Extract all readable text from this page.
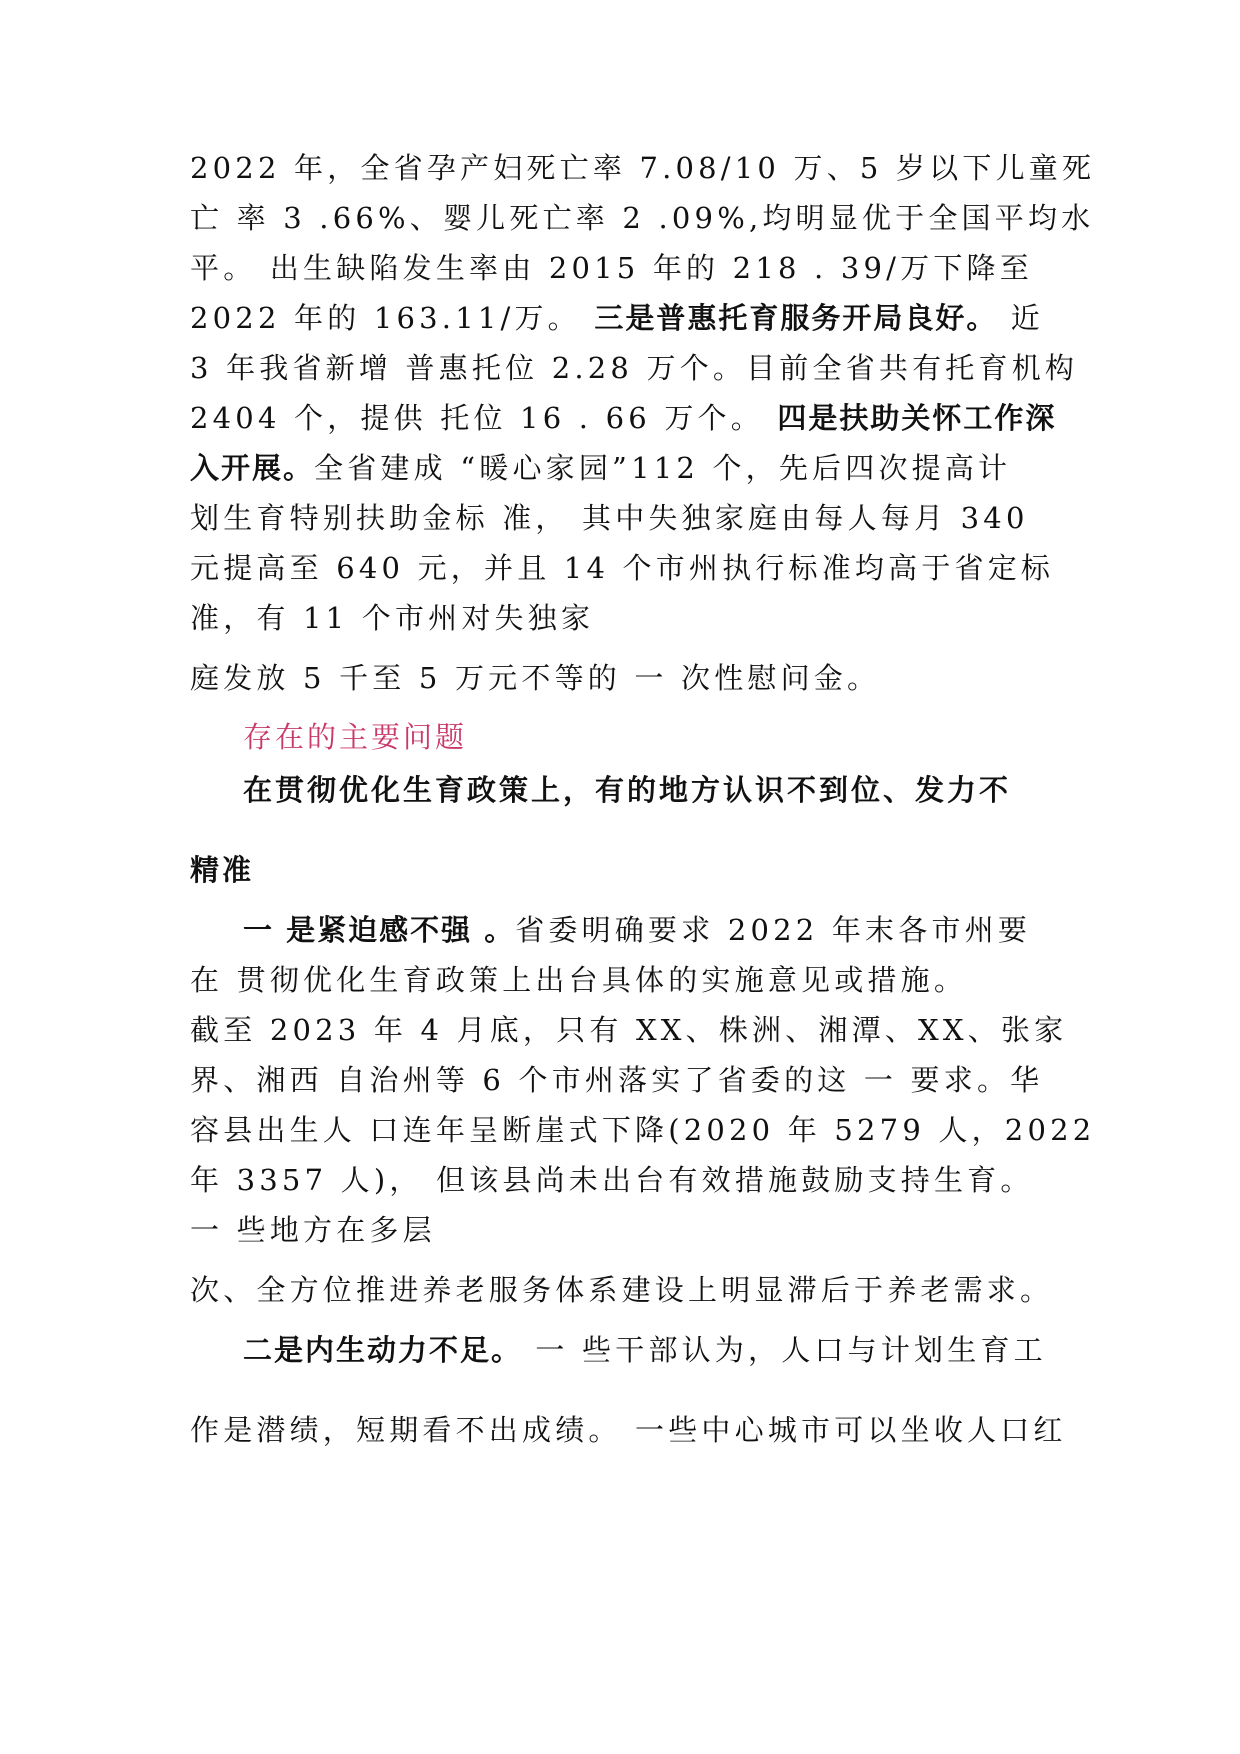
2022 年，全省孕产妇死亡率 7.08/10 万、5 岁以下儿童死
亡 率 3 .66%、婴儿死亡率 2 .09%,均明显优于全国平均水
平。 出生缺陷发生率由 2015 年的 218 . 39/万下降至
2022 年的 163.11/万。 三是普惠托育服务开局良好。 近
3 年我省新增 普惠托位 2.28 万个。目前全省共有托育机构
2404 个，提供 托位 16 . 66 万个。 四是扶助关怀工作深
入开展。全省建成 “暖心家园”112 个，先后四次提高计
划生育特别扶助金标 准， 其中失独家庭由每人每月 340
元提高至 640 元，并且 14 个市州执行标准均高于省定标
准，有 11 个市州对失独家
庭发放 5 千至 5 万元不等的 一 次性慰问金。
存在的主要问题
在贯彻优化生育政策上，有的地方认识不到位、发力不
精准
一 是紧迫感不强 。省委明确要求 2022 年末各市州要
在 贯彻优化生育政策上出台具体的实施意见或措施。
截至 2023 年 4 月底，只有 XX、株洲、湘潭、XX、张家
界、湘西 自治州等 6 个市州落实了省委的这 一 要求。华
容县出生人 口连年呈断崖式下降(2020 年 5279 人，2022
年 3357 人)， 但该县尚未出台有效措施鼓励支持生育。
一 些地方在多层
次、全方位推进养老服务体系建设上明显滞后于养老需求。
二是内生动力不足。 一 些干部认为，人口与计划生育工
作是潜绩，短期看不出成绩。 一些中心城市可以坐收人口红
